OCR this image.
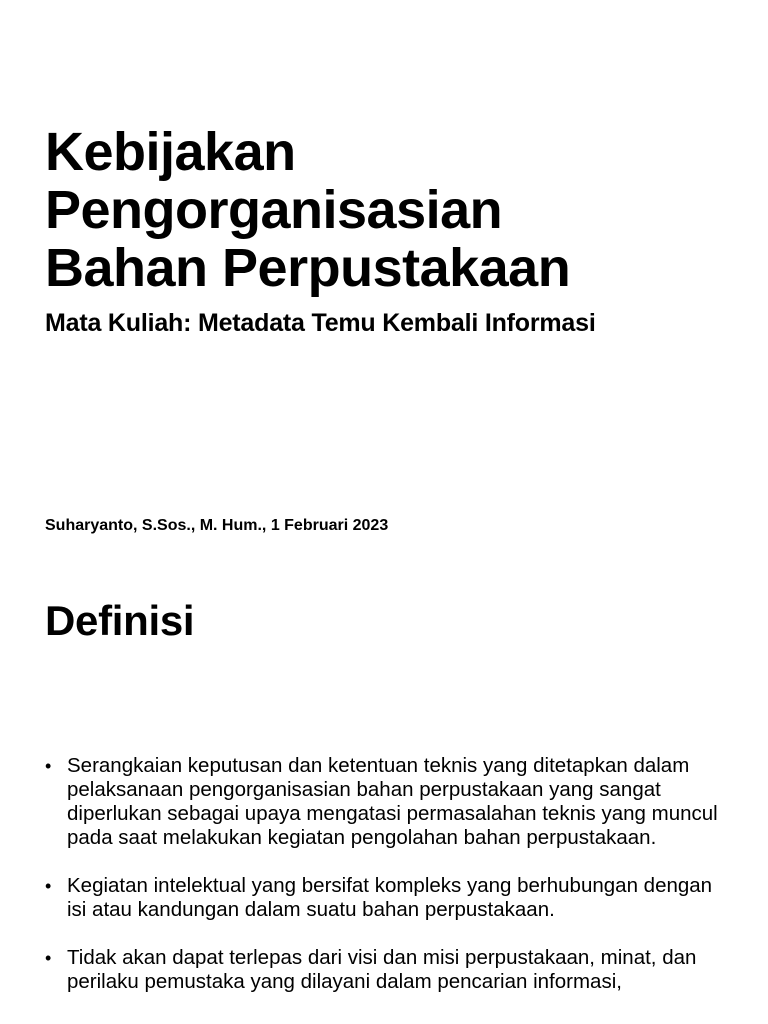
Kebijakan
Pengorganisasian
Bahan Perpustakaan

Mata Kuliah: Metadata Temu Kembali Informasi

Suharyanto, S.Sos., M. Hum., 1 Februari 2023

Definisi
• Serangkaian keputusan dan ketentuan teknis yang ditetapkan dalam pelaksanaan pengorganisasian bahan perpustakaan yang sangat diperlukan sebagai upaya mengatasi permasalahan teknis yang muncul pada saat melakukan kegiatan pengolahan bahan perpustakaan.
• Kegiatan intelektual yang bersifat kompleks yang berhubungan dengan isi atau kandungan dalam suatu bahan perpustakaan.
• Tidak akan dapat terlepas dari visi dan misi perpustakaan, minat, dan perilaku pemustaka yang dilayani dalam pencarian informasi,
